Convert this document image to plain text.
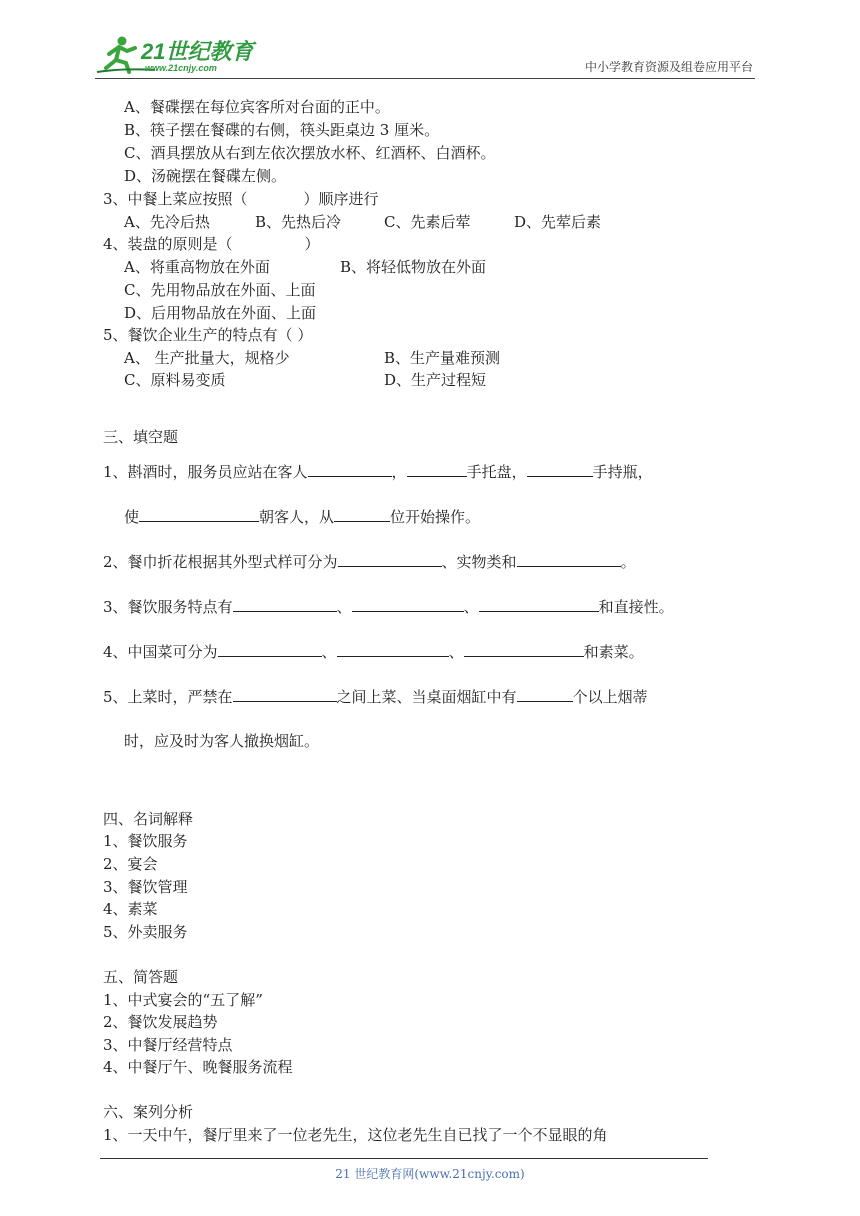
21世纪教育
www.21cnjy.com	中小学教育资源及组卷应用平台
A、餐碟摆在每位宾客所对台面的正中。
B、筷子摆在餐碟的右侧，筷头距桌边 3 厘米。
C、酒具摆放从右到左依次摆放水杯、红酒杯、白酒杯。
D、汤碗摆在餐碟左侧。
3、中餐上菜应按照（	）顺序进行
A、先冷后热	B、先热后冷	C、先素后荤	D、先荤后素
4、装盘的原则是（	）
A、将重高物放在外面	B、将轻低物放在外面
C、先用物品放在外面、上面
D、后用物品放在外面、上面
5、餐饮企业生产的特点有（ ）
A、 生产批量大，规格少	B、生产量难预测
C、原料易变质	D、生产过程短
三、填空题
1、斟酒时，服务员应站在客人	，	手托盘，	手持瓶，
使	朝客人，从	位开始操作。
2、餐巾折花根据其外型式样可分为	、实物类和	。
3、餐饮服务特点有	、	、	和直接性。
4、中国菜可分为	、	、	和素菜。
5、上菜时，严禁在	之间上菜、当桌面烟缸中有	个以上烟蒂
时，应及时为客人撤换烟缸。
四、名词解释
1、餐饮服务
2、宴会
3、餐饮管理
4、素菜
5、外卖服务
五、简答题
1、中式宴会的“五了解”
2、餐饮发展趋势
3、中餐厅经营特点
4、中餐厅午、晚餐服务流程
六、案列分析
1、一天中午，餐厅里来了一位老先生，这位老先生自已找了一个不显眼的角
21 世纪教育网(www.21cnjy.com)
